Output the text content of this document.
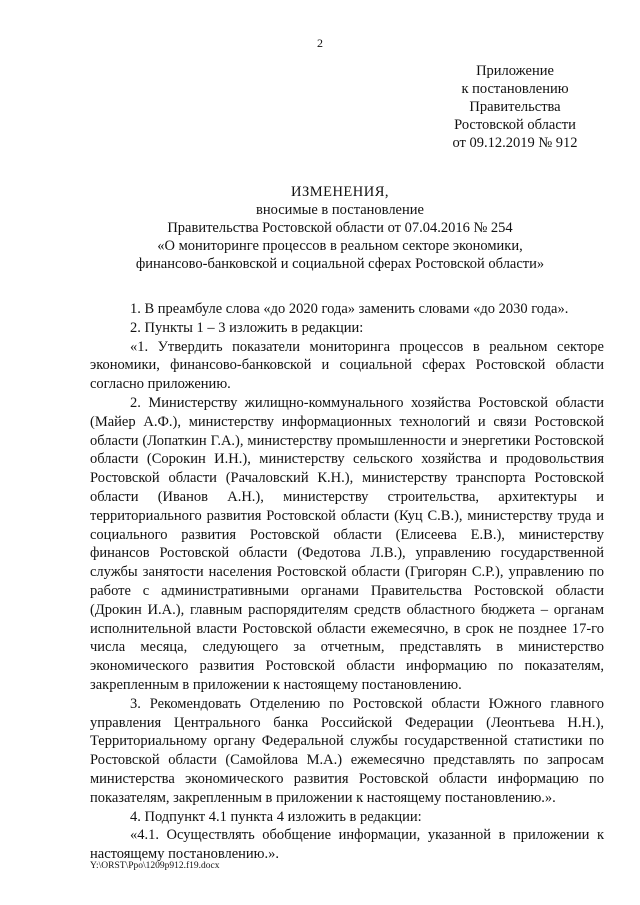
2
Приложение
к постановлению
Правительства
Ростовской области
от 09.12.2019 № 912
ИЗМЕНЕНИЯ,
вносимые в постановление
Правительства Ростовской области от 07.04.2016 № 254
«О мониторинге процессов в реальном секторе экономики,
финансово-банковской и социальной сферах Ростовской области»

1. В преамбуле слова «до 2020 года» заменить словами «до 2030 года».

2. Пункты 1 – 3 изложить в редакции:

«1. Утвердить показатели мониторинга процессов в реальном секторе экономики, финансово-банковской и социальной сферах Ростовской области согласно приложению.

2. Министерству жилищно-коммунального хозяйства Ростовской области (Майер А.Ф.), министерству информационных технологий и связи Ростовской области (Лопаткин Г.А.), министерству промышленности и энергетики Ростовской области (Сорокин И.Н.), министерству сельского хозяйства и продовольствия Ростовской области (Рачаловский К.Н.), министерству транспорта Ростовской области (Иванов А.Н.), министерству строительства, архитектуры и территориального развития Ростовской области (Куц С.В.), министерству труда и социального развития Ростовской области (Елисеева Е.В.), министерству финансов Ростовской области (Федотова Л.В.), управлению государственной службы занятости населения Ростовской области (Григорян С.Р.), управлению по работе с административными органами Правительства Ростовской области (Дрокин И.А.), главным распорядителям средств областного бюджета – органам исполнительной власти Ростовской области ежемесячно, в срок не позднее 17-го числа месяца, следующего за отчетным, представлять в министерство экономического развития Ростовской области информацию по показателям, закрепленным в приложении к настоящему постановлению.

3. Рекомендовать Отделению по Ростовской области Южного главного управления Центрального банка Российской Федерации (Леонтьева Н.Н.), Территориальному органу Федеральной службы государственной статистики по Ростовской области (Самойлова М.А.) ежемесячно представлять по запросам министерства экономического развития Ростовской области информацию по показателям, закрепленным в приложении к настоящему постановлению.».

4. Подпункт 4.1 пункта 4 изложить в редакции:

«4.1. Осуществлять обобщение информации, указанной в приложении к настоящему постановлению.».

Y:\ORST\Ppo\1209p912.f19.docx
